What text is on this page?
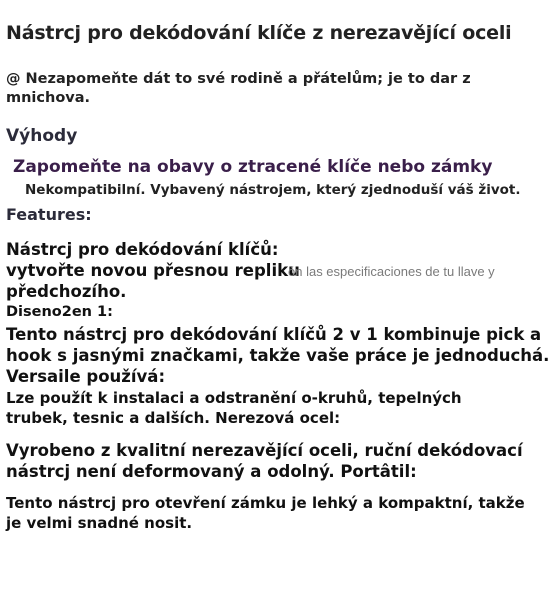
Nástrcj pro dekódování klíče z nerezavějící oceli
@ Nezapomeňte dát to své rodině a přátelům; je to dar z
mnichova.
Výhody
Zapomeňte na obavy o ztracené klíče nebo zámky
Nekompatibilní. Vybavený nástrojem, který zjednoduší váš život.
Features:
Nástrcj pro dekódování klíčů:
vytvořte novou přesnou repliku
předchozího.
ón las especificaciones de tu llave y
Diseno2en 1:
Tento nástrcj pro dekódování klíčů 2 v 1 kombinuje pick a
hook s jasnými značkami, takže vaše práce je jednoduchá.
Versaile používá:
Lze použít k instalaci a odstranění o-kruhů, tepelných
trubek, tesnic a dalších. Nerezová ocel:
Vyrobeno z kvalitní nerezavějící oceli, ruční dekódovací
nástrcj není deformovaný a odolný. Portâtil:
Tento nástrcj pro otevření zámku je lehký a kompaktní, takže
je velmi snadné nosit.
